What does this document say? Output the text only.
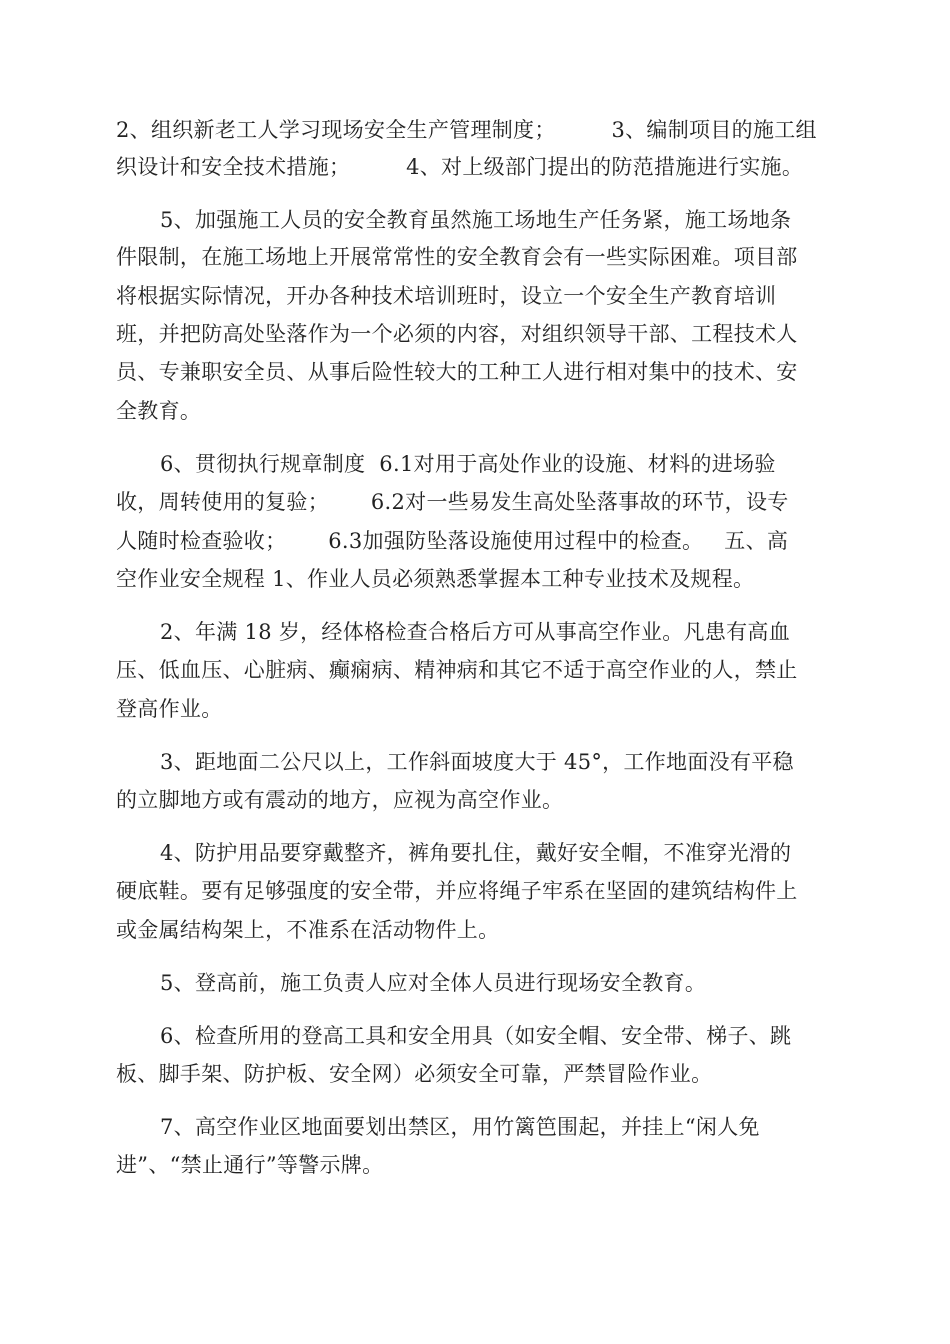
2、组织新老工人学习现场安全生产管理制度；        3、编制项目的施工组

织设计和安全技术措施；        4、对上级部门提出的防范措施进行实施。

5、加强施工人员的安全教育虽然施工场地生产任务紧，施工场地条

件限制，在施工场地上开展常常性的安全教育会有一些实际困难。项目部

将根据实际情况，开办各种技术培训班时，设立一个安全生产教育培训

班，并把防高处坠落作为一个必须的内容，对组织领导干部、工程技术人

员、专兼职安全员、从事后险性较大的工种工人进行相对集中的技术、安

全教育。

6、贯彻执行规章制度  6.1对用于高处作业的设施、材料的进场验

收，周转使用的复验；      6.2对一些易发生高处坠落事故的环节，设专

人随时检查验收；      6.3加强防坠落设施使用过程中的检查。   五、高

空作业安全规程 1、作业人员必须熟悉掌握本工种专业技术及规程。

2、年满 18 岁，经体格检查合格后方可从事高空作业。凡患有高血

压、低血压、心脏病、癫痫病、精神病和其它不适于高空作业的人，禁止

登高作业。

3、距地面二公尺以上，工作斜面坡度大于 45°，工作地面没有平稳

的立脚地方或有震动的地方，应视为高空作业。

4、防护用品要穿戴整齐，裤角要扎住，戴好安全帽，不准穿光滑的

硬底鞋。要有足够强度的安全带，并应将绳子牢系在坚固的建筑结构件上

或金属结构架上，不准系在活动物件上。

5、登高前，施工负责人应对全体人员进行现场安全教育。

6、检查所用的登高工具和安全用具（如安全帽、安全带、梯子、跳

板、脚手架、防护板、安全网）必须安全可靠，严禁冒险作业。

7、高空作业区地面要划出禁区，用竹篱笆围起，并挂上“闲人免

进”、“禁止通行”等警示牌。
